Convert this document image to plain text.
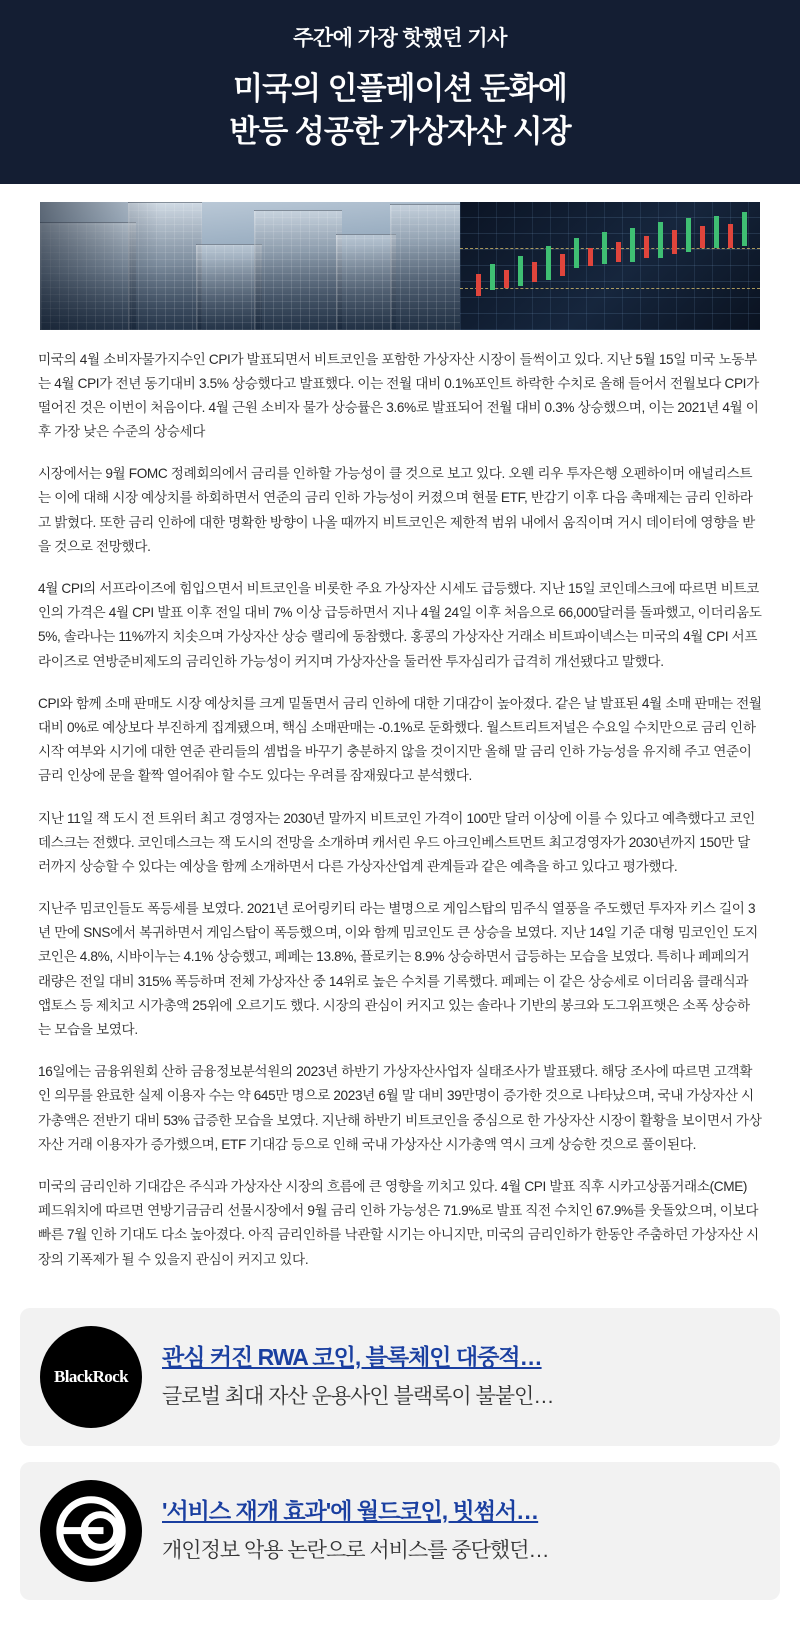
주간에 가장 핫했던 기사
미국의 인플레이션 둔화에
반등 성공한 가상자산 시장

미국의 4월 소비자물가지수인 CPI가 발표되면서 비트코인을 포함한 가상자산 시장이 들썩이고 있다. 지난 5월 15일 미국 노동부는 4월 CPI가 전년 동기대비 3.5% 상승했다고 발표했다. 이는 전월 대비 0.1%포인트 하락한 수치로 올해 들어서 전월보다 CPI가 떨어진 것은 이번이 처음이다. 4월 근원 소비자 물가 상승률은 3.6%로 발표되어 전월 대비 0.3% 상승했으며, 이는 2021년 4월 이후 가장 낮은 수준의 상승세다

시장에서는 9월 FOMC 정례회의에서 금리를 인하할 가능성이 클 것으로 보고 있다. 오웬 리우 투자은행 오펜하이머 애널리스트는 이에 대해 시장 예상치를 하회하면서 연준의 금리 인하 가능성이 커졌으며 현물 ETF, 반감기 이후 다음 촉매제는 금리 인하라고 밝혔다. 또한 금리 인하에 대한 명확한 방향이 나올 때까지 비트코인은 제한적 범위 내에서 움직이며 거시 데이터에 영향을 받을 것으로 전망했다.

4월 CPI의 서프라이즈에 힘입으면서 비트코인을 비롯한 주요 가상자산 시세도 급등했다. 지난 15일 코인데스크에 따르면 비트코인의 가격은 4월 CPI 발표 이후 전일 대비 7% 이상 급등하면서 지나 4월 24일 이후 처음으로 66,000달러를 돌파했고, 이더리움도 5%, 솔라나는 11%까지 치솟으며 가상자산 상승 랠리에 동참했다. 홍콩의 가상자산 거래소 비트파이넥스는 미국의 4월 CPI 서프라이즈로 연방준비제도의 금리인하 가능성이 커지며 가상자산을 둘러싼 투자심리가 급격히 개선됐다고 말했다.

CPI와 함께 소매 판매도 시장 예상치를 크게 밑돌면서 금리 인하에 대한 기대감이 높아졌다. 같은 날 발표된 4월 소매 판매는 전월대비 0%로 예상보다 부진하게 집계됐으며, 핵심 소매판매는 -0.1%로 둔화했다. 월스트리트저널은 수요일 수치만으로 금리 인하 시작 여부와 시기에 대한 연준 관리들의 셈법을 바꾸기 충분하지 않을 것이지만 올해 말 금리 인하 가능성을 유지해 주고 연준이 금리 인상에 문을 활짝 열어줘야 할 수도 있다는 우려를 잠재웠다고 분석했다.

지난 11일 잭 도시 전 트위터 최고 경영자는 2030년 말까지 비트코인 가격이 100만 달러 이상에 이를 수 있다고 예측했다고 코인데스크는 전했다. 코인데스크는 잭 도시의 전망을 소개하며 캐서린 우드 아크인베스트먼트 최고경영자가 2030년까지 150만 달러까지 상승할 수 있다는 예상을 함께 소개하면서 다른 가상자산업계 관계들과 같은 예측을 하고 있다고 평가했다.

지난주 밈코인들도 폭등세를 보였다. 2021년 로어링키티 라는 별명으로 게임스탑의 밈주식 열풍을 주도했던 투자자 키스 길이 3년 만에 SNS에서 복귀하면서 게임스탑이 폭등했으며, 이와 함께 밈코인도 큰 상승을 보였다. 지난 14일 기준 대형 밈코인인 도지코인은 4.8%, 시바이누는 4.1% 상승했고, 페페는 13.8%, 플로키는 8.9% 상승하면서 급등하는 모습을 보였다. 특히나 페페의거래량은 전일 대비 315% 폭등하며 전체 가상자산 중 14위로 높은 수치를 기록했다. 페페는 이 같은 상승세로 이더리움 클래식과 앱토스 등 제치고 시가총액 25위에 오르기도 했다. 시장의 관심이 커지고 있는 솔라나 기반의 봉크와 도그위프햇은 소폭 상승하는 모습을 보였다.

16일에는 금융위원회 산하 금융정보분석원의 2023년 하반기 가상자산사업자 실태조사가 발표됐다. 해당 조사에 따르면 고객확인 의무를 완료한 실제 이용자 수는 약 645만 명으로 2023년 6월 말 대비 39만명이 증가한 것으로 나타났으며, 국내 가상자산 시가총액은 전반기 대비 53% 급증한 모습을 보였다. 지난해 하반기 비트코인을 중심으로 한 가상자산 시장이 활황을 보이면서 가상자산 거래 이용자가 증가했으며, ETF 기대감 등으로 인해 국내 가상자산 시가총액 역시 크게 상승한 것으로 풀이된다.

미국의 금리인하 기대감은 주식과 가상자산 시장의 흐름에 큰 영향을 끼치고 있다. 4월 CPI 발표 직후 시카고상품거래소(CME) 페드워치에 따르면 연방기금금리 선물시장에서 9월 금리 인하 가능성은 71.9%로 발표 직전 수치인 67.9%를 웃돌았으며, 이보다 빠른 7월 인하 기대도 다소 높아졌다. 아직 금리인하를 낙관할 시기는 아니지만, 미국의 금리인하가 한동안 주춤하던 가상자산 시장의 기폭제가 될 수 있을지 관심이 커지고 있다.

BlackRock
관심 커진 RWA 코인, 블록체인 대중적…
글로벌 최대 자산 운용사인 블랙록이 불붙인…
'서비스 재개 효과'에 월드코인, 빗썸서…
개인정보 악용 논란으로 서비스를 중단했던…
